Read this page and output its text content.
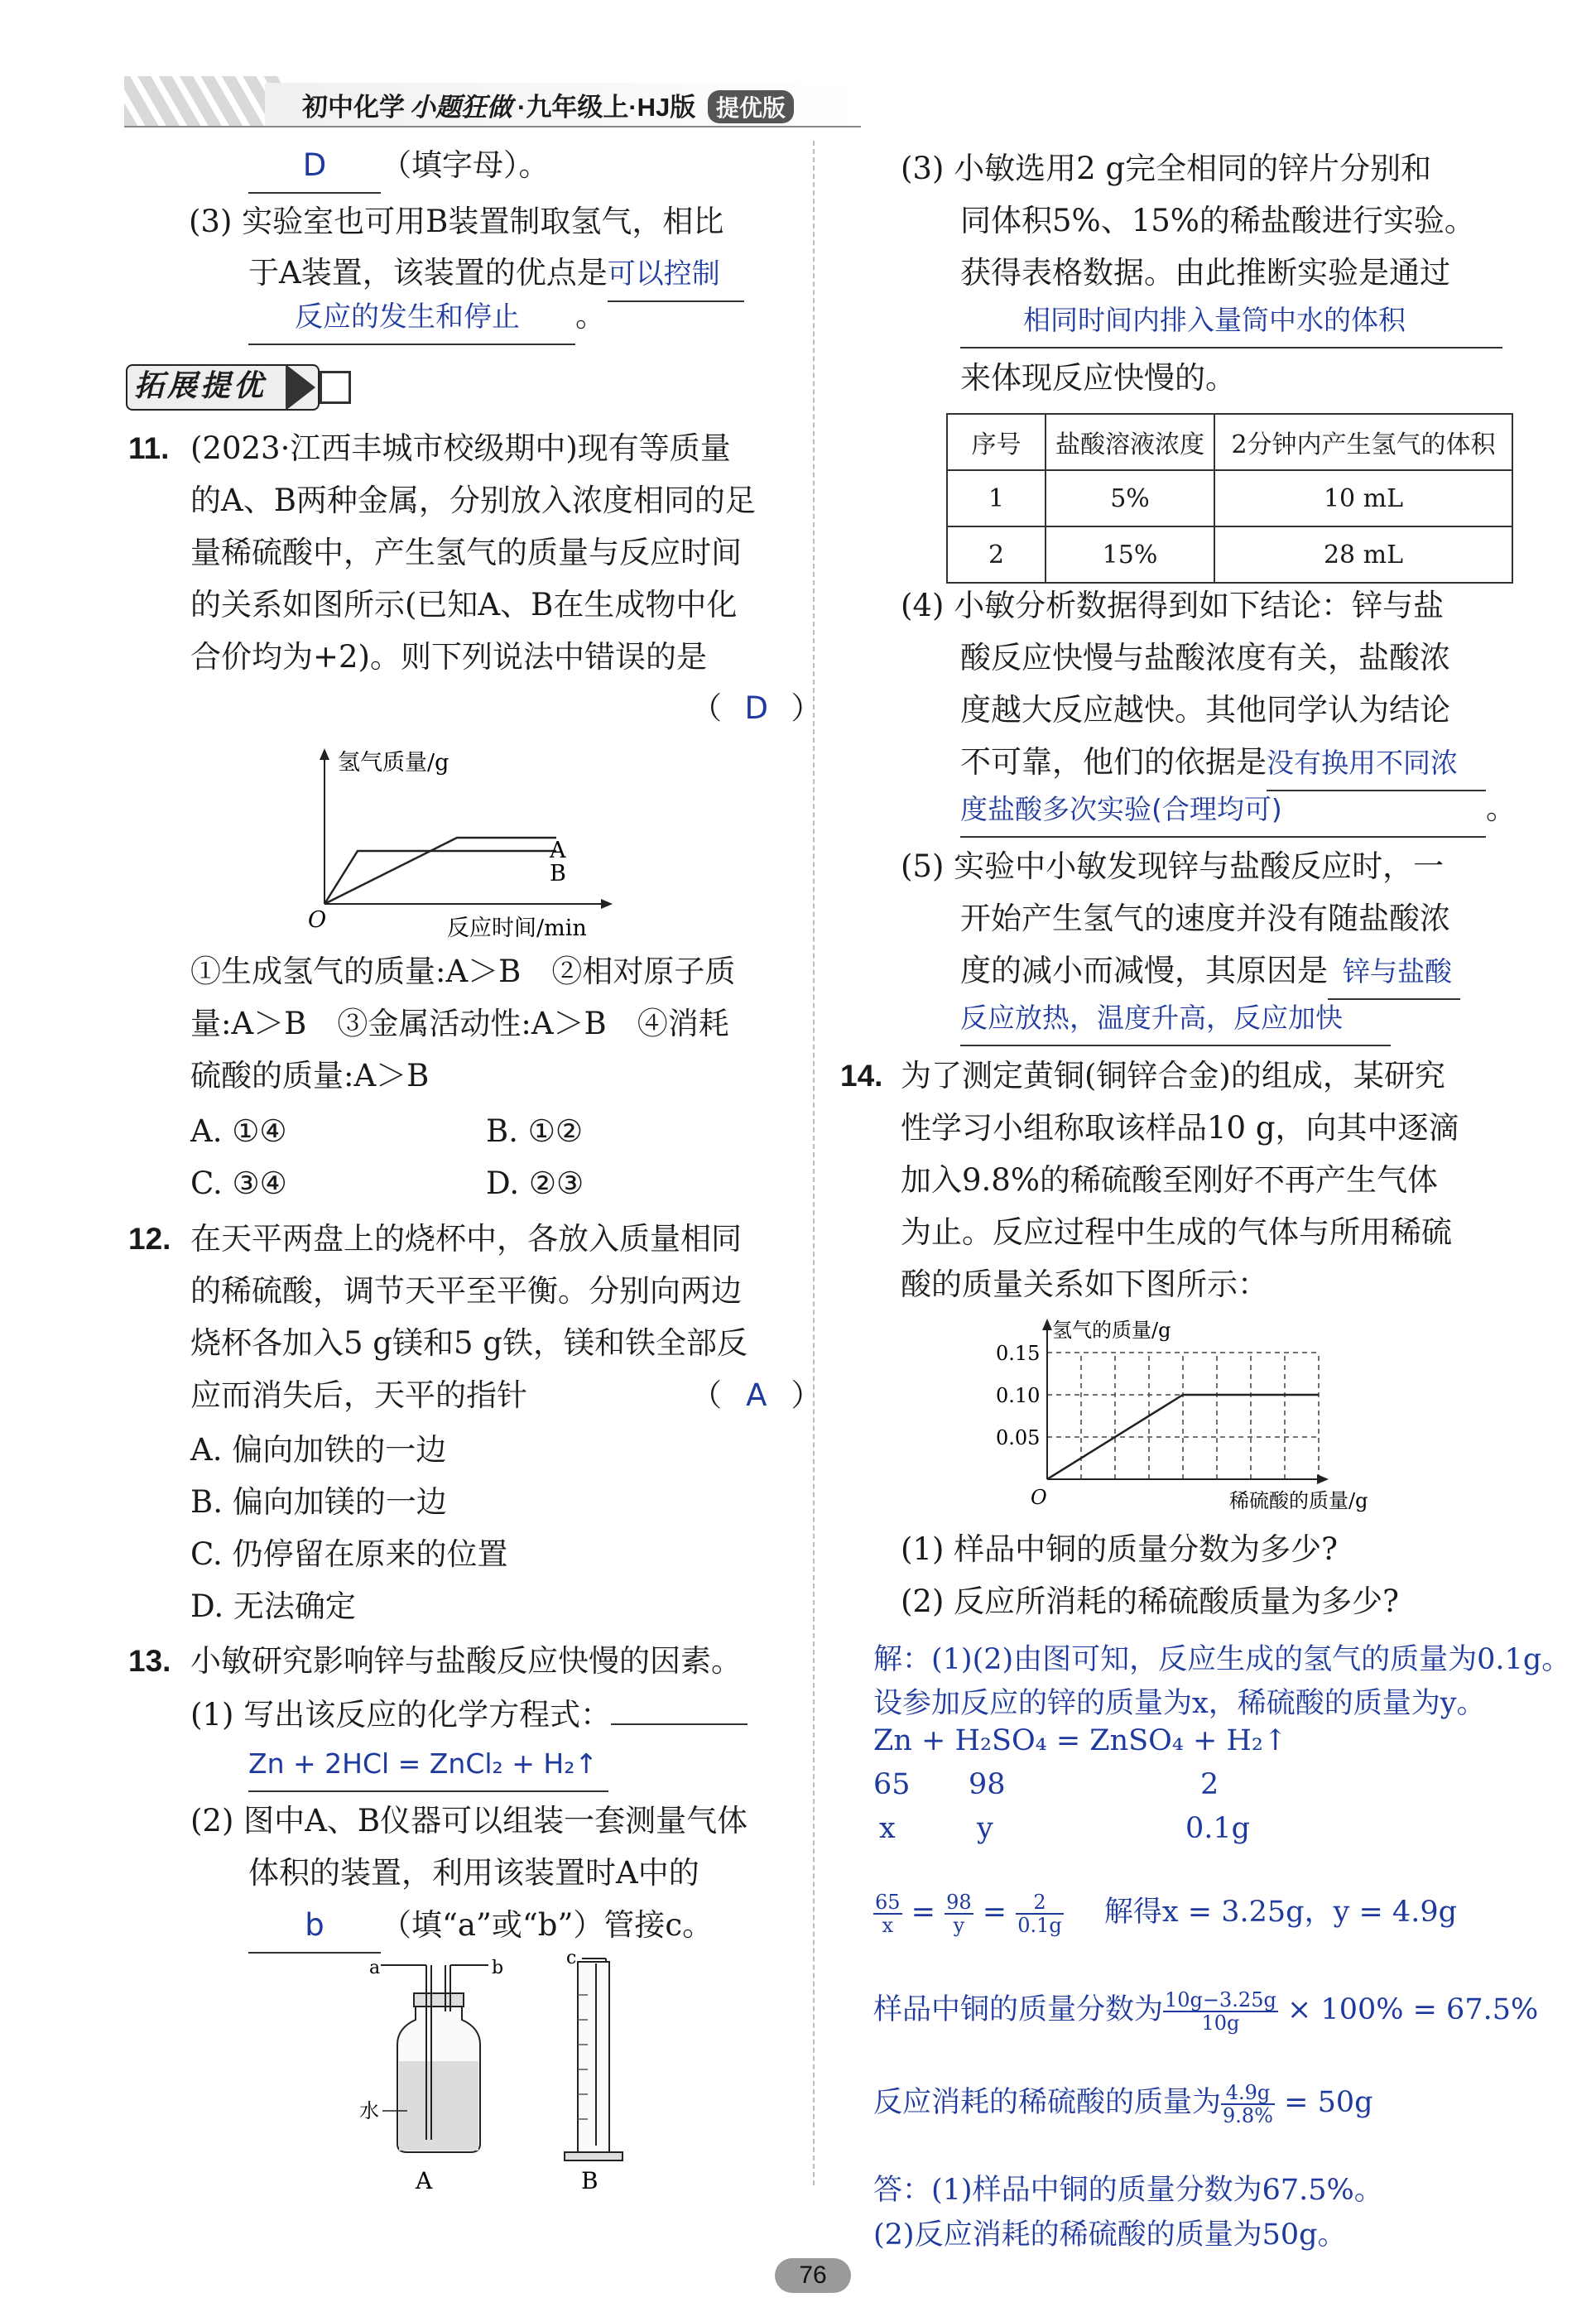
初中化学 小题狂做 ·九年级上·HJ版 提优版
D （填字母）。
(3) 实验室也可用B装置制取氢气，相比
于A装置，该装置的优点是可以控制
反应的发生和停止 。
拓展提优
11. (2023·江西丰城市校级期中)现有等质量
的A、B两种金属，分别放入浓度相同的足
量稀硫酸中，产生氢气的质量与反应时间
的关系如图所示(已知A、B在生成物中化
合价均为+2)。则下列说法中错误的是
（ D ）
氢气质量/g
反应时间/min
O
A
B
①生成氢气的质量:A＞B　②相对原子质
量:A＞B　③金属活动性:A＞B　④消耗
硫酸的质量:A＞B
A. ①④	B. ①②
C. ③④	D. ②③
12. 在天平两盘上的烧杯中，各放入质量相同
的稀硫酸，调节天平至平衡。分别向两边
烧杯各加入5 g镁和5 g铁，镁和铁全部反
应而消失后，天平的指针	（ A ）
A. 偏向加铁的一边
B. 偏向加镁的一边
C. 仍停留在原来的位置
D. 无法确定
13. 小敏研究影响锌与盐酸反应快慢的因素。
(1) 写出该反应的化学方程式：
Zn + 2HCl = ZnCl₂ + H₂↑
(2) 图中A、B仪器可以组装一套测量气体
体积的装置，利用该装置时A中的
b （填“a”或“b”）管接c。
a	b
水
A
c
B
(3) 小敏选用2 g完全相同的锌片分别和
同体积5%、15%的稀盐酸进行实验。
获得表格数据。由此推断实验是通过
相同时间内排入量筒中水的体积
来体现反应快慢的。
序号	盐酸溶液浓度	2分钟内产生氢气的体积
1	5%	10 mL
2	15%	28 mL
(4) 小敏分析数据得到如下结论：锌与盐
酸反应快慢与盐酸浓度有关，盐酸浓
度越大反应越快。其他同学认为结论
不可靠，他们的依据是没有换用不同浓
度盐酸多次实验(合理均可)	。
(5) 实验中小敏发现锌与盐酸反应时，一
开始产生氢气的速度并没有随盐酸浓
度的减小而减慢，其原因是 锌与盐酸
反应放热，温度升高，反应加快
14. 为了测定黄铜(铜锌合金)的组成，某研究
性学习小组称取该样品10 g，向其中逐滴
加入9.8%的稀硫酸至刚好不再产生气体
为止。反应过程中生成的气体与所用稀硫
酸的质量关系如下图所示：
0.05
0.10
0.15
氢气的质量/g
稀硫酸的质量/g
O
(1) 样品中铜的质量分数为多少?
(2) 反应所消耗的稀硫酸质量为多少?
解：(1)(2)由图可知，反应生成的氢气的质量为0.1g。
设参加反应的锌的质量为x，稀硫酸的质量为y。
Zn + H₂SO₄ = ZnSO₄ + H₂↑
65 98	2
x	y	0.1g
$\frac{65}{x} = \frac{98}{y} = \frac{2}{0.1g}$ 解得x = 3.25g，y = 4.9g
样品中铜的质量分数为 $\frac{10g-3.25g}{10g} \times 100\% = 67.5\%$
反应消耗的稀硫酸的质量为 $\frac{4.9g}{9.8\%} = 50g$
答：(1)样品中铜的质量分数为67.5%。
(2)反应消耗的稀硫酸的质量为50g。
76
